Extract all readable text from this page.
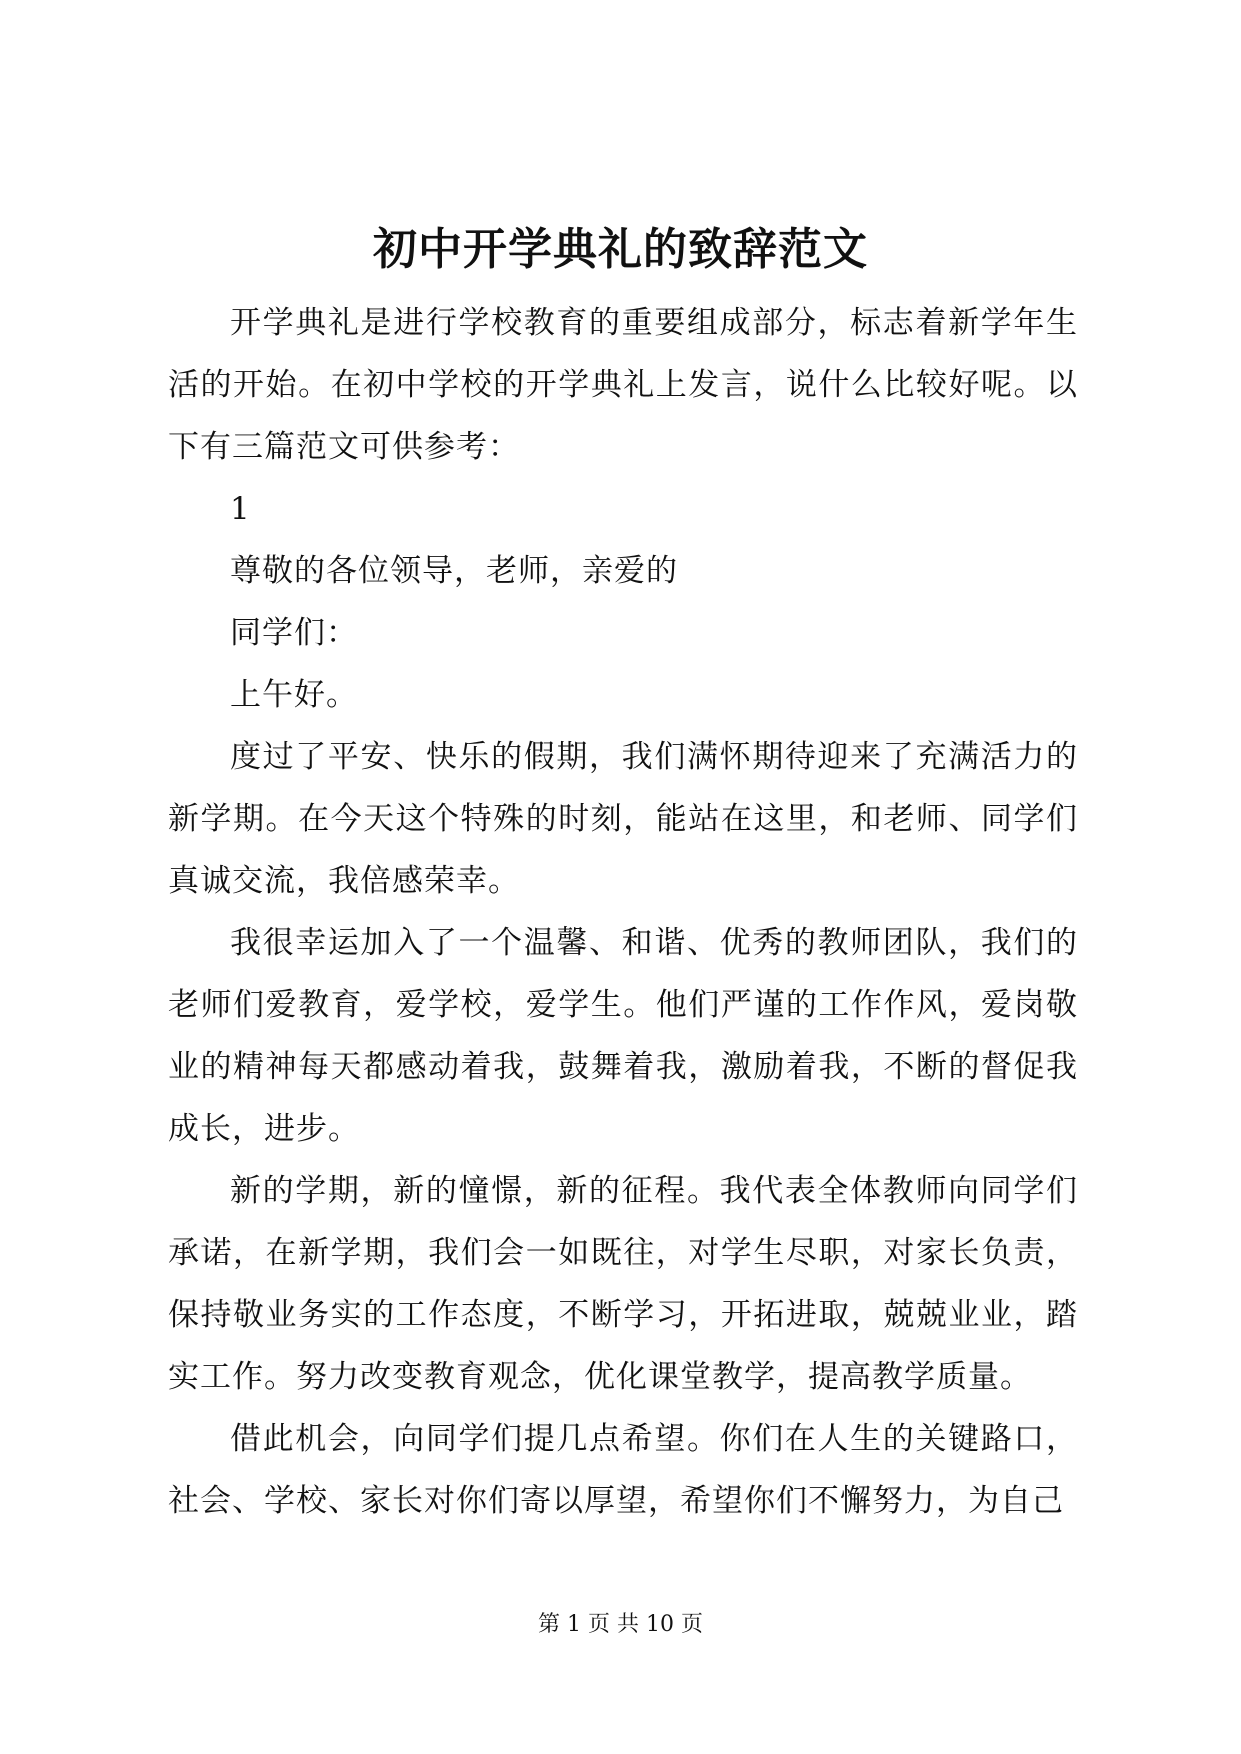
初中开学典礼的致辞范文

开学典礼是进行学校教育的重要组成部分，标志着新学年生活的开始。在初中学校的开学典礼上发言，说什么比较好呢。以下有三篇范文可供参考：

1

尊敬的各位领导，老师，亲爱的

同学们：

上午好。

度过了平安、快乐的假期，我们满怀期待迎来了充满活力的新学期。在今天这个特殊的时刻，能站在这里，和老师、同学们真诚交流，我倍感荣幸。

我很幸运加入了一个温馨、和谐、优秀的教师团队，我们的老师们爱教育，爱学校，爱学生。他们严谨的工作作风，爱岗敬业的精神每天都感动着我，鼓舞着我，激励着我，不断的督促我成长，进步。

新的学期，新的憧憬，新的征程。我代表全体教师向同学们承诺，在新学期，我们会一如既往，对学生尽职，对家长负责，保持敬业务实的工作态度，不断学习，开拓进取，兢兢业业，踏实工作。努力改变教育观念，优化课堂教学，提高教学质量。

借此机会，向同学们提几点希望。你们在人生的关键路口，社会、学校、家长对你们寄以厚望，希望你们不懈努力，为自己

第 1 页 共 10 页
